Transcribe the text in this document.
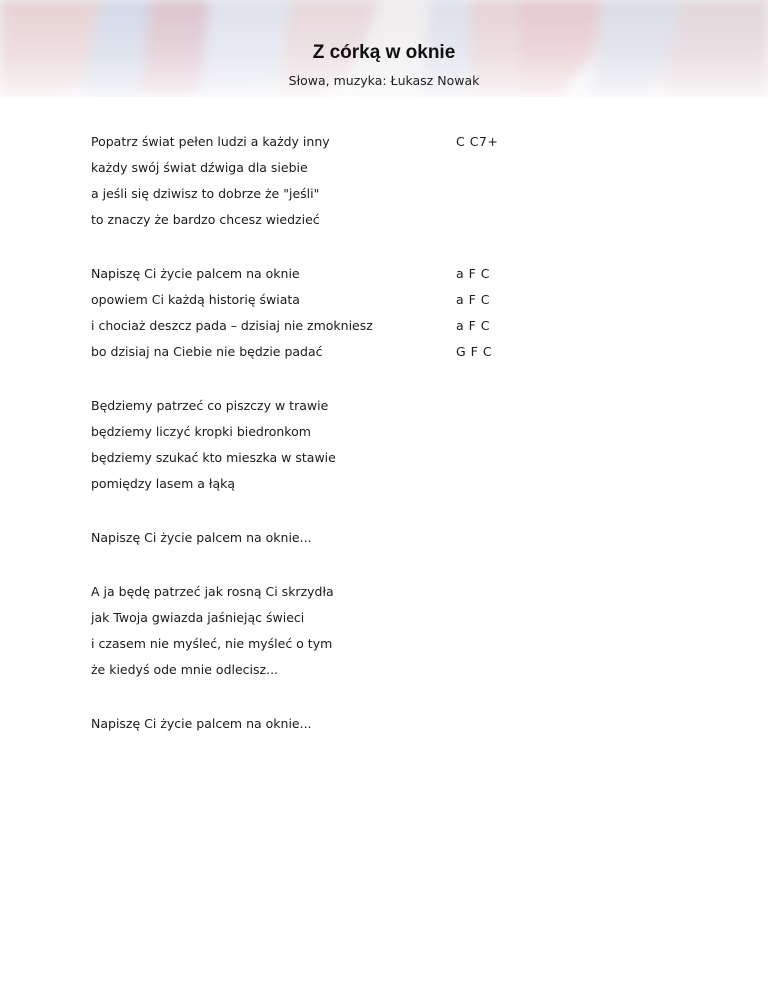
Z córką w oknie
Słowa, muzyka: Łukasz Nowak
Popatrz świat pełen ludzi a każdy inny	C C7+
każdy swój świat dźwiga dla siebie
a jeśli się dziwisz to dobrze że "jeśli"
to znaczy że bardzo chcesz wiedzieć
Napiszę Ci życie palcem na oknie	a F C
opowiem Ci każdą historię świata	a F C
i chociaż deszcz pada – dzisiaj nie zmokniesz	a F C
bo dzisiaj na Ciebie nie będzie padać	G F C
Będziemy patrzeć co piszczy w trawie
będziemy liczyć kropki biedronkom
będziemy szukać kto mieszka w stawie
pomiędzy lasem a łąką
Napiszę Ci życie palcem na oknie...
A ja będę patrzeć jak rosną Ci skrzydła
jak Twoja gwiazda jaśniejąc świeci
i czasem nie myśleć, nie myśleć o tym
że kiedyś ode mnie odlecisz...
Napiszę Ci życie palcem na oknie...
